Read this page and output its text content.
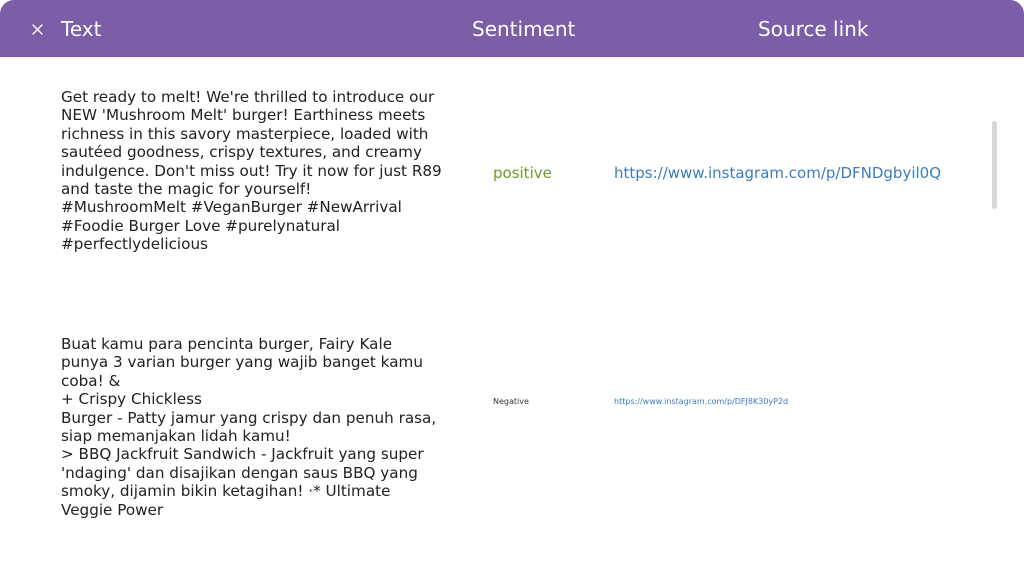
Text	Sentiment	Source link

Get ready to melt! We're thrilled to introduce our
NEW 'Mushroom Melt' burger! Earthiness meets
richness in this savory masterpiece, loaded with
sautéed goodness, crispy textures, and creamy
indulgence. Don't miss out! Try it now for just R89
and taste the magic for yourself!
#MushroomMelt #VeganBurger #NewArrival
#Foodie Burger Love #purelynatural
#perfectlydelicious

positive	https://www.instagram.com/p/DFNDgbyil0Q

Buat kamu para pencinta burger, Fairy Kale
punya 3 varian burger yang wajib banget kamu
coba! &
+ Crispy Chickless
Burger - Patty jamur yang crispy dan penuh rasa,
siap memanjakan lidah kamu!
> BBQ Jackfruit Sandwich - Jackfruit yang super
'ndaging' dan disajikan dengan saus BBQ yang
smoky, dijamin bikin ketagihan! ·* Ultimate
Veggie Power

Negative	https://www.instagram.com/p/DFJ8K30yP2d
